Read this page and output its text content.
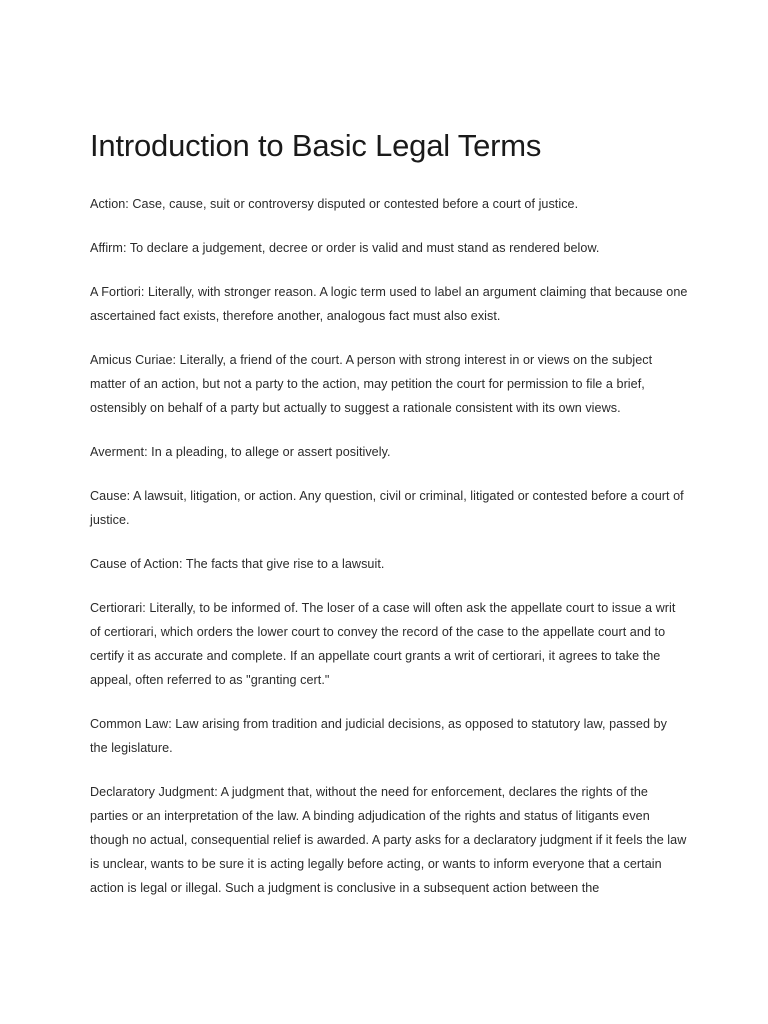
Introduction to Basic Legal Terms

Action: Case, cause, suit or controversy disputed or contested before a court of justice.

Affirm: To declare a judgement, decree or order is valid and must stand as rendered below.

A Fortiori: Literally, with stronger reason. A logic term used to label an argument claiming that because one ascertained fact exists, therefore another, analogous fact must also exist.

Amicus Curiae: Literally, a friend of the court. A person with strong interest in or views on the subject matter of an action, but not a party to the action, may petition the court for permission to file a brief, ostensibly on behalf of a party but actually to suggest a rationale consistent with its own views.

Averment: In a pleading, to allege or assert positively.

Cause: A lawsuit, litigation, or action. Any question, civil or criminal, litigated or contested before a court of justice.

Cause of Action: The facts that give rise to a lawsuit.

Certiorari: Literally, to be informed of. The loser of a case will often ask the appellate court to issue a writ of certiorari, which orders the lower court to convey the record of the case to the appellate court and to certify it as accurate and complete. If an appellate court grants a writ of certiorari, it agrees to take the appeal, often referred to as "granting cert."

Common Law: Law arising from tradition and judicial decisions, as opposed to statutory law, passed by the legislature.

Declaratory Judgment: A judgment that, without the need for enforcement, declares the rights of the parties or an interpretation of the law. A binding adjudication of the rights and status of litigants even though no actual, consequential relief is awarded. A party asks for a declaratory judgment if it feels the law is unclear, wants to be sure it is acting legally before acting, or wants to inform everyone that a certain action is legal or illegal. Such a judgment is conclusive in a subsequent action between the
